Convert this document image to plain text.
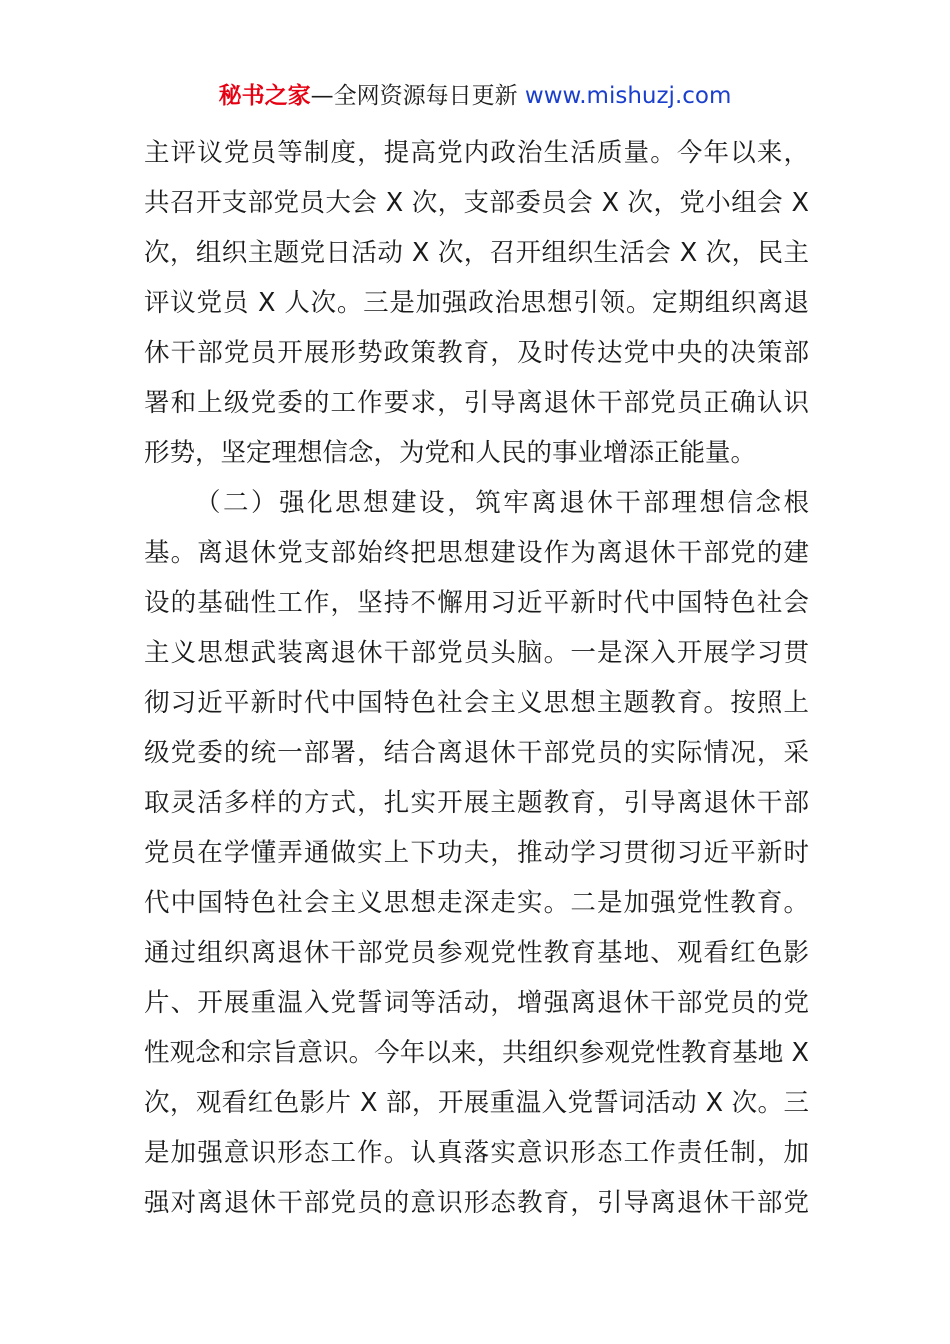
秘书之家—全网资源每日更新 www.mishuzj.com
主评议党员等制度，提高党内政治生活质量。今年以来，
共召开支部党员大会 X 次，支部委员会 X 次，党小组会 X
次，组织主题党日活动 X 次，召开组织生活会 X 次，民主
评议党员 X 人次。三是加强政治思想引领。定期组织离退
休干部党员开展形势政策教育，及时传达党中央的决策部
署和上级党委的工作要求，引导离退休干部党员正确认识
形势，坚定理想信念，为党和人民的事业增添正能量。
（二）强化思想建设，筑牢离退休干部理想信念根
基。离退休党支部始终把思想建设作为离退休干部党的建
设的基础性工作，坚持不懈用习近平新时代中国特色社会
主义思想武装离退休干部党员头脑。一是深入开展学习贯
彻习近平新时代中国特色社会主义思想主题教育。按照上
级党委的统一部署，结合离退休干部党员的实际情况，采
取灵活多样的方式，扎实开展主题教育，引导离退休干部
党员在学懂弄通做实上下功夫，推动学习贯彻习近平新时
代中国特色社会主义思想走深走实。二是加强党性教育。
通过组织离退休干部党员参观党性教育基地、观看红色影
片、开展重温入党誓词等活动，增强离退休干部党员的党
性观念和宗旨意识。今年以来，共组织参观党性教育基地 X
次，观看红色影片 X 部，开展重温入党誓词活动 X 次。三
是加强意识形态工作。认真落实意识形态工作责任制，加
强对离退休干部党员的意识形态教育，引导离退休干部党
